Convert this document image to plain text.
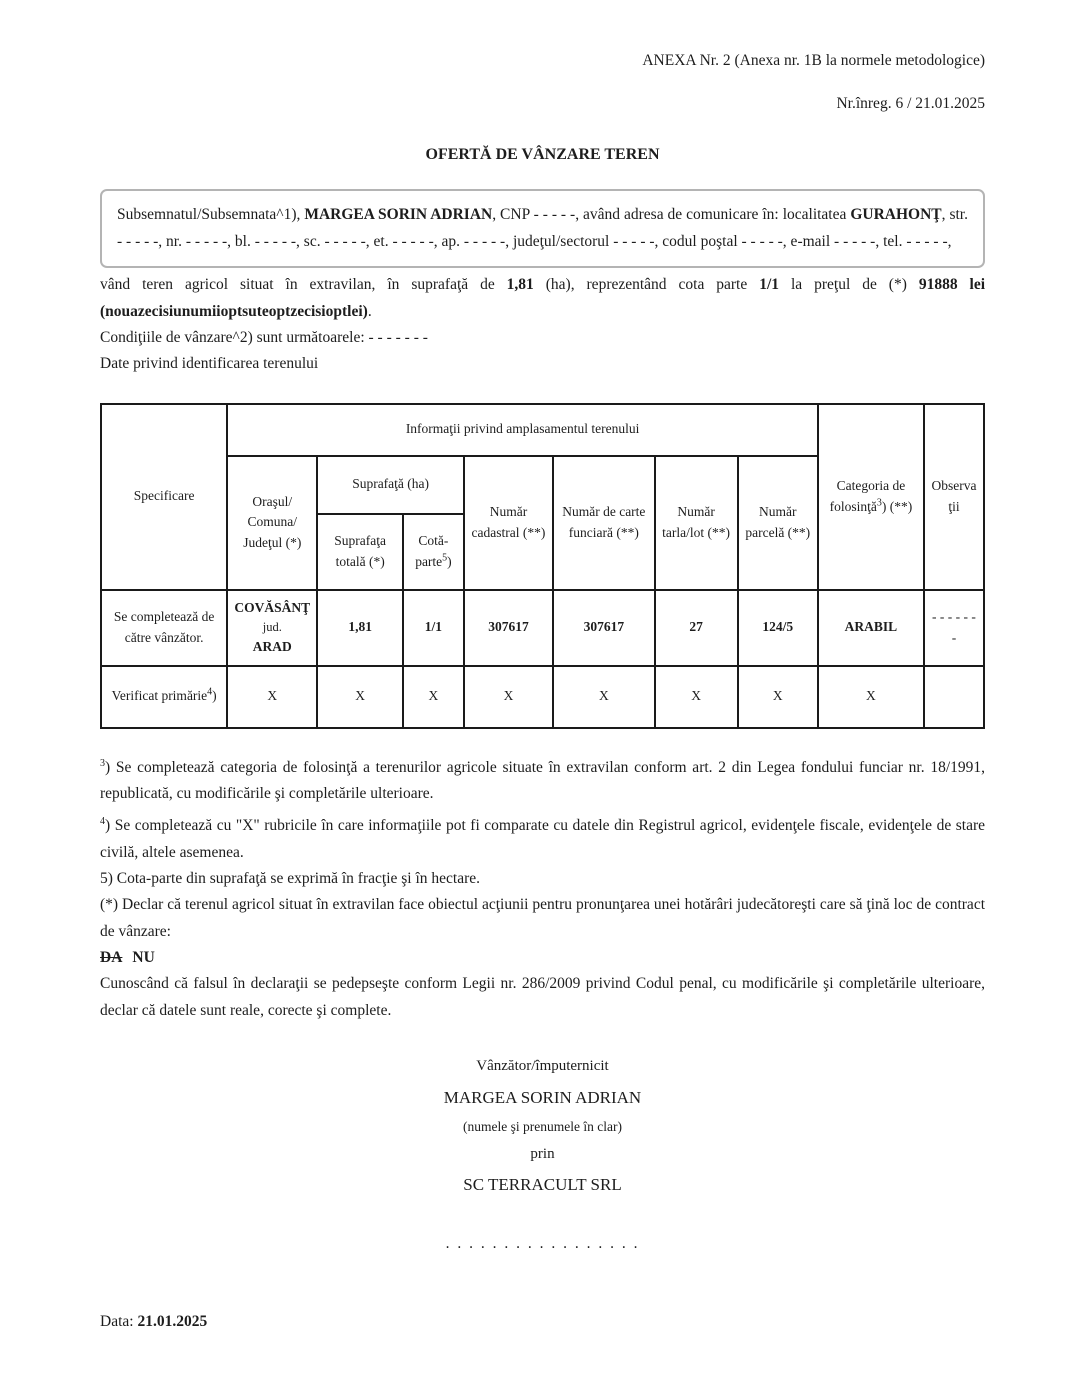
ANEXA Nr. 2 (Anexa nr. 1B la normele metodologice)
Nr.înreg. 6 / 21.01.2025
OFERTĂ DE VÂNZARE TEREN
Subsemnatul/Subsemnata^1), MARGEA SORIN ADRIAN, CNP - - - - -, având adresa de comunicare în: localitatea GURAHONŢ, str. - - - - -, nr. - - - - -, bl. - - - - -, sc. - - - - -, et. - - - - -, ap. - - - - -, judeţul/sectorul - - - - -, codul poştal - - - - -, e-mail - - - - -, tel. - - - - -,

vând teren agricol situat în extravilan, în suprafaţă de 1,81 (ha), reprezentând cota parte 1/1 la preţul de (*) 91888 lei (nouazecisiunumiioptsuteoptzecisioptlei).

Condiţiile de vânzare^2) sunt următoarele: - - - - - - -

Date privind identificarea terenului

Specificare	Informaţii privind amplasamentul terenului							Categoria de folosinţă$^3$) (**)	Observaţii
	Oraşul/ Comuna/ Judeţul (*)	Suprafaţă (ha)		Număr cadastral (**)	Număr de carte funciară (**)	Număr tarla/lot (**)	Număr parcelă (**)		
		Suprafaţa totală (*)	Cotă-parte$^5$)						
Se completează de către vânzător.	COVĂSÂNŢ
jud.
ARAD	1,81	1/1	307617	307617	27	124/5	ARABIL	- - - - - - -
Verificat primărie$^4$)	X	X	X	X	X	X	X	X	

$^3$) Se completează categoria de folosinţă a terenurilor agricole situate în extravilan conform art. 2 din Legea fondului funciar nr. 18/1991, republicată, cu modificările şi completările ulterioare.

$^4$) Se completează cu "X" rubricile în care informaţiile pot fi comparate cu datele din Registrul agricol, evidenţele fiscale, evidenţele de stare civilă, altele asemenea.

5) Cota-parte din suprafaţă se exprimă în fracţie şi în hectare.

(*) Declar că terenul agricol situat în extravilan face obiectul acţiunii pentru pronunţarea unei hotărâri judecătoreşti care să ţină loc de contract de vânzare:

DA NU

Cunoscând că falsul în declaraţii se pedepseşte conform Legii nr. 286/2009 privind Codul penal, cu modificările şi completările ulterioare, declar că datele sunt reale, corecte şi complete.

Vânzător/împuternicit
MARGEA SORIN ADRIAN
(numele şi prenumele în clar)
prin
SC TERRACULT SRL
. . . . . . . . . . . . . . . . .
Data: 21.01.2025
